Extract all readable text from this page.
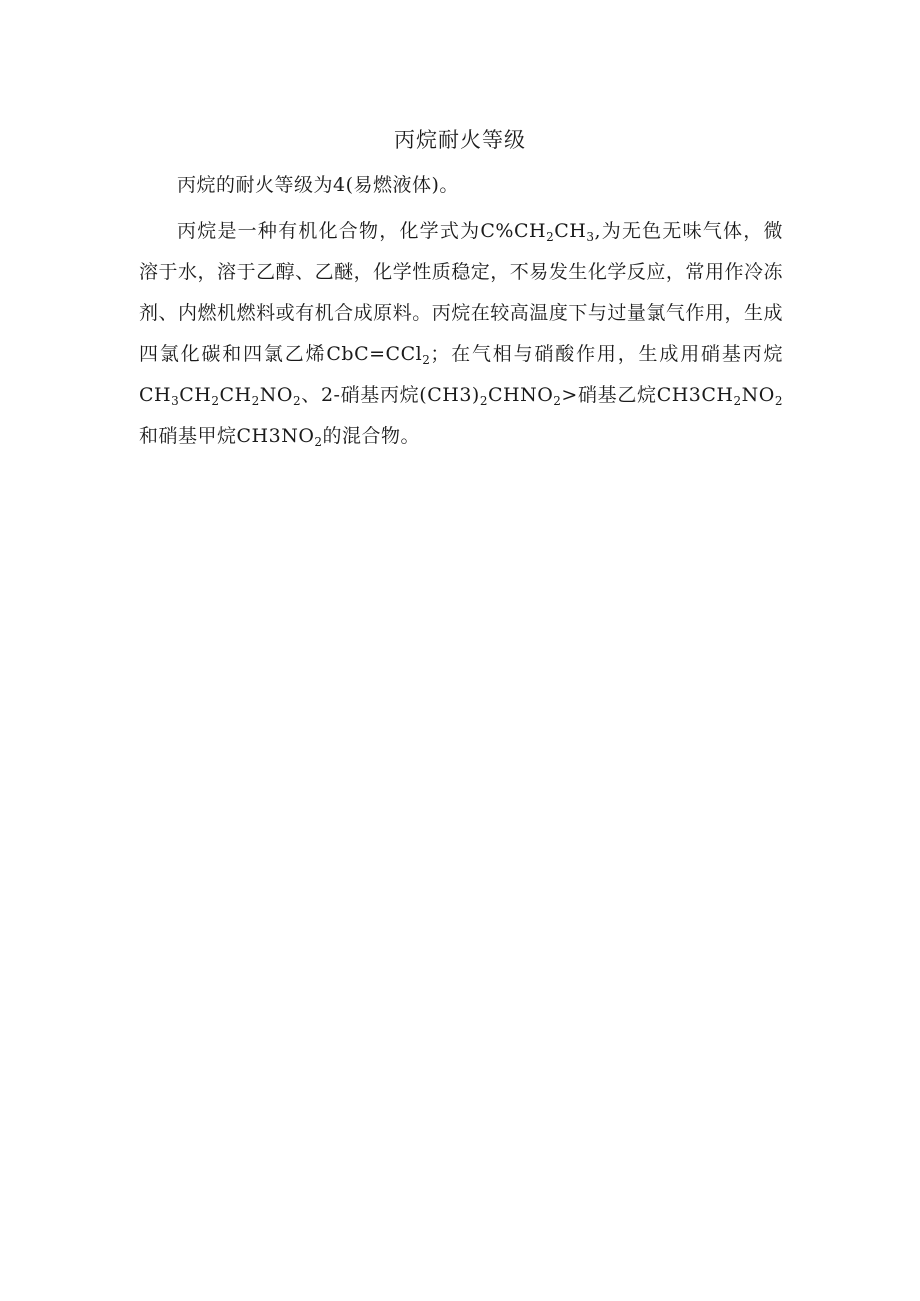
丙烷耐火等级

丙烷的耐火等级为4(易燃液体)。

丙烷是一种有机化合物，化学式为$C\%CH_2CH_3$,为无色无味气体，微溶于水，溶于乙醇、乙醚，化学性质稳定，不易发生化学反应，常用作冷冻剂、内燃机燃料或有机合成原料。丙烷在较高温度下与过量氯气作用，生成四氯化碳和四氯乙烯CbC=CCl$_2$；在气相与硝酸作用，生成用硝基丙烷$CH_3CH_2CH_2NO_2$、2-硝基丙烷$(CH3)_2CHNO_2>$硝基乙烷$CH3CH_2NO_2$和硝基甲烷$CH3NO_2$的混合物。
